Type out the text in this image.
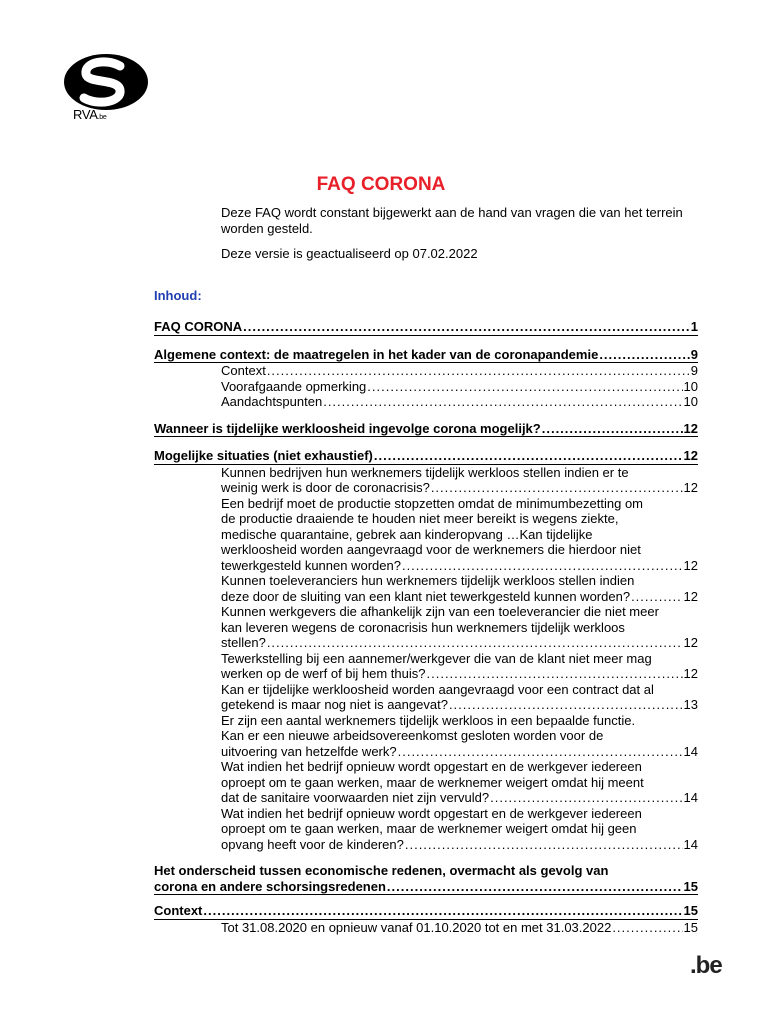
RVA.be
FAQ CORONA

Deze FAQ wordt constant bijgewerkt aan de hand van vragen die van het terrein worden gesteld.

Deze versie is geactualiseerd op 07.02.2022

Inhoud:
FAQ CORONA .....	1
Algemene context: de maatregelen in het kader van de coronapandemie .....	9
Context .....	9
Voorafgaande opmerking .....	10
Aandachtspunten .....	10
Wanneer is tijdelijke werkloosheid ingevolge corona mogelijk? .....	12
Mogelijke situaties (niet exhaustief) .....	12
Kunnen bedrijven hun werknemers tijdelijk werkloos stellen indien er te
weinig werk is door de coronacrisis? .....	12
Een bedrijf moet de productie stopzetten omdat de minimumbezetting om
de productie draaiende te houden niet meer bereikt is wegens ziekte,
medische quarantaine, gebrek aan kinderopvang …Kan tijdelijke
werkloosheid worden aangevraagd voor de werknemers die hierdoor niet
tewerkgesteld kunnen worden? .....	12
Kunnen toeleveranciers hun werknemers tijdelijk werkloos stellen indien
deze door de sluiting van een klant niet tewerkgesteld kunnen worden? .....	12
Kunnen werkgevers die afhankelijk zijn van een toeleverancier die niet meer
kan leveren wegens de coronacrisis hun werknemers tijdelijk werkloos
stellen? .....	12
Tewerkstelling bij een aannemer/werkgever die van de klant niet meer mag
werken op de werf of bij hem thuis? .....	12
Kan er tijdelijke werkloosheid worden aangevraagd voor een contract dat al
getekend is maar nog niet is aangevat? .....	13
Er zijn een aantal werknemers tijdelijk werkloos in een bepaalde functie.
Kan er een nieuwe arbeidsovereenkomst gesloten worden voor de
uitvoering van hetzelfde werk? .....	14
Wat indien het bedrijf opnieuw wordt opgestart en de werkgever iedereen
oproept om te gaan werken, maar de werknemer weigert omdat hij meent
dat de sanitaire voorwaarden niet zijn vervuld? .....	14
Wat indien het bedrijf opnieuw wordt opgestart en de werkgever iedereen
oproept om te gaan werken, maar de werknemer weigert omdat hij geen
opvang heeft voor de kinderen? .....	14
Het onderscheid tussen economische redenen, overmacht als gevolg van
corona en andere schorsingsredenen .....	15
Context .....	15
Tot 31.08.2020 en opnieuw vanaf 01.10.2020 tot en met 31.03.2022 .....	15
.be
